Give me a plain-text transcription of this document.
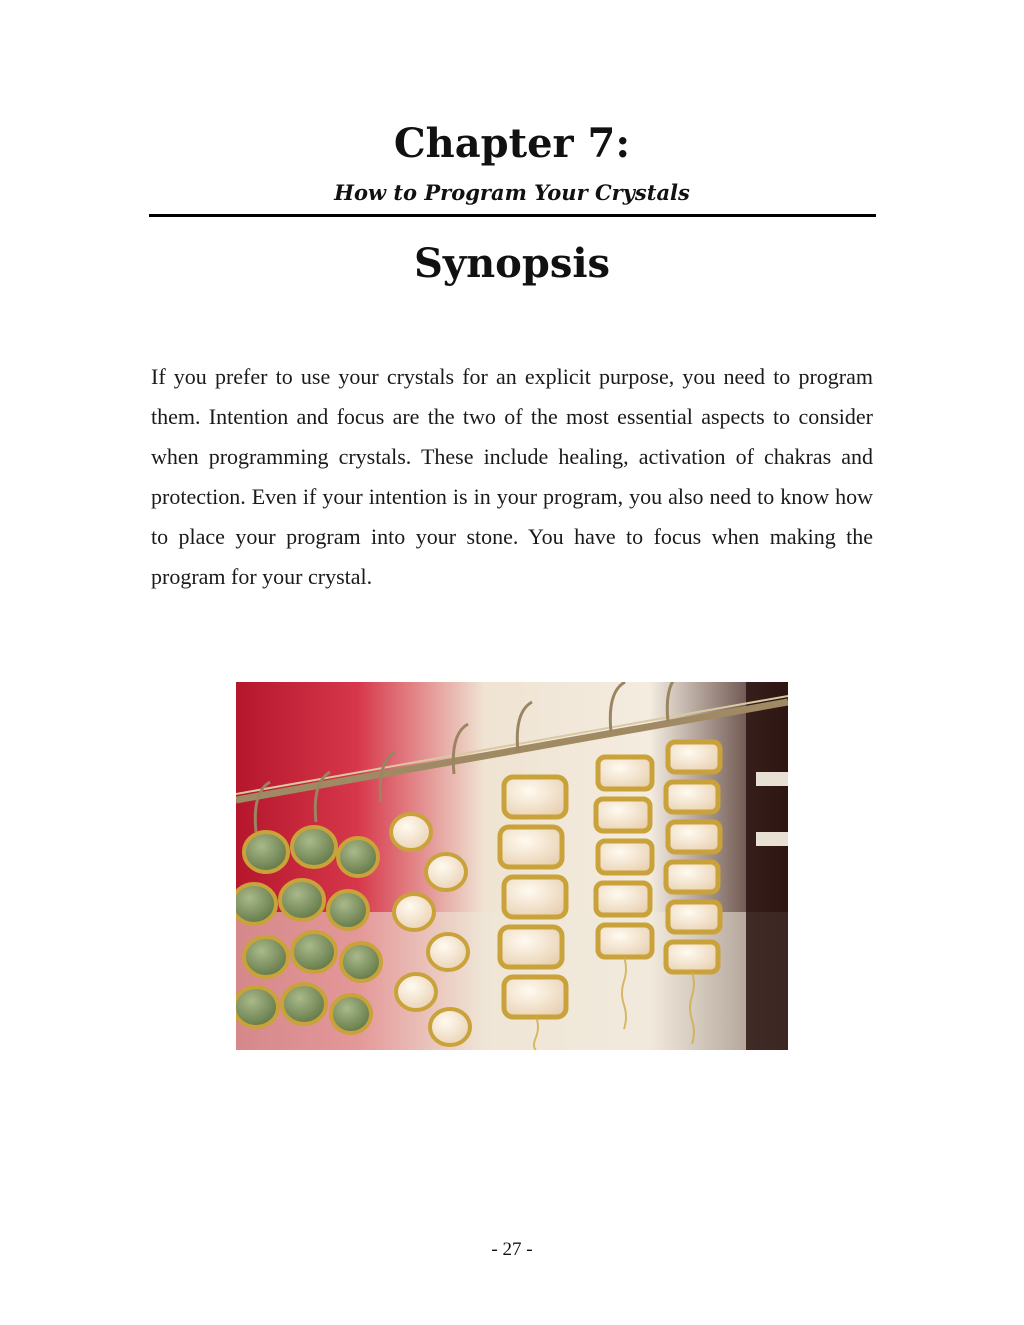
Chapter 7:
How to Program Your Crystals
Synopsis

If you prefer to use your crystals for an explicit purpose, you need to program them. Intention and focus are the two of the most essential aspects to consider when programming crystals. These include healing, activation of chakras and protection. Even if your intention is in your program, you also need to know how to place your program into your stone. You have to focus when making the program for your crystal.

- 27 -
